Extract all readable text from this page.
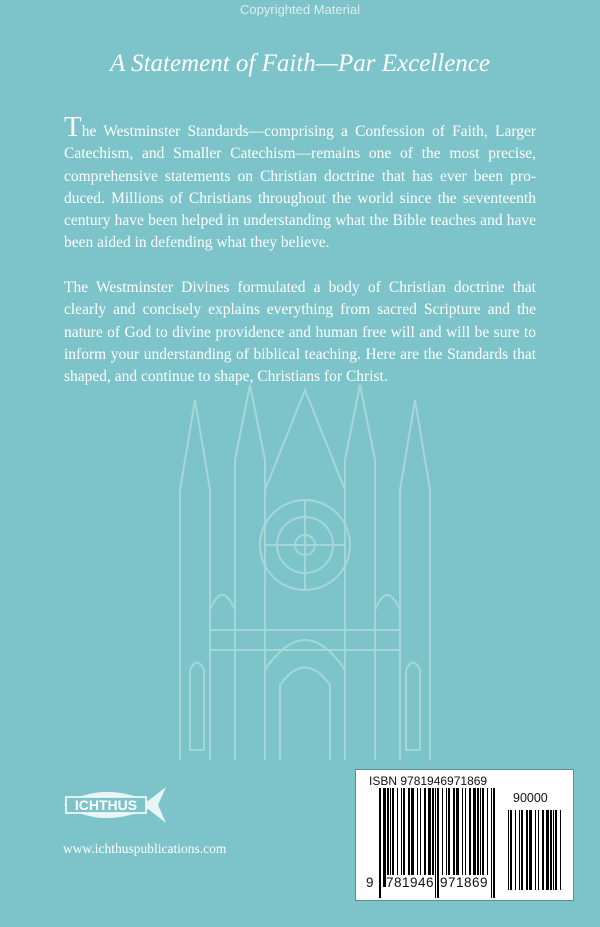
Copyrighted Material
A Statement of Faith—Par Excellence
The Westminster Standards—comprising a Confession of Faith, Larger
Catechism, and Smaller Catechism—remains one of the most precise,
comprehensive statements on Christian doctrine that has ever been pro-
duced. Millions of Christians throughout the world since the seventeenth
century have been helped in understanding what the Bible teaches and have
been aided in defending what they believe.
The Westminster Divines formulated a body of Christian doctrine that
clearly and concisely explains everything from sacred Scripture and the
nature of God to divine providence and human free will and will be sure to
inform your understanding of biblical teaching. Here are the Standards that
shaped, and continue to shape, Christians for Christ.
ICHTHUS
www.ichthuspublications.com
ISBN 9781946971869
90000
9 781946 971869
